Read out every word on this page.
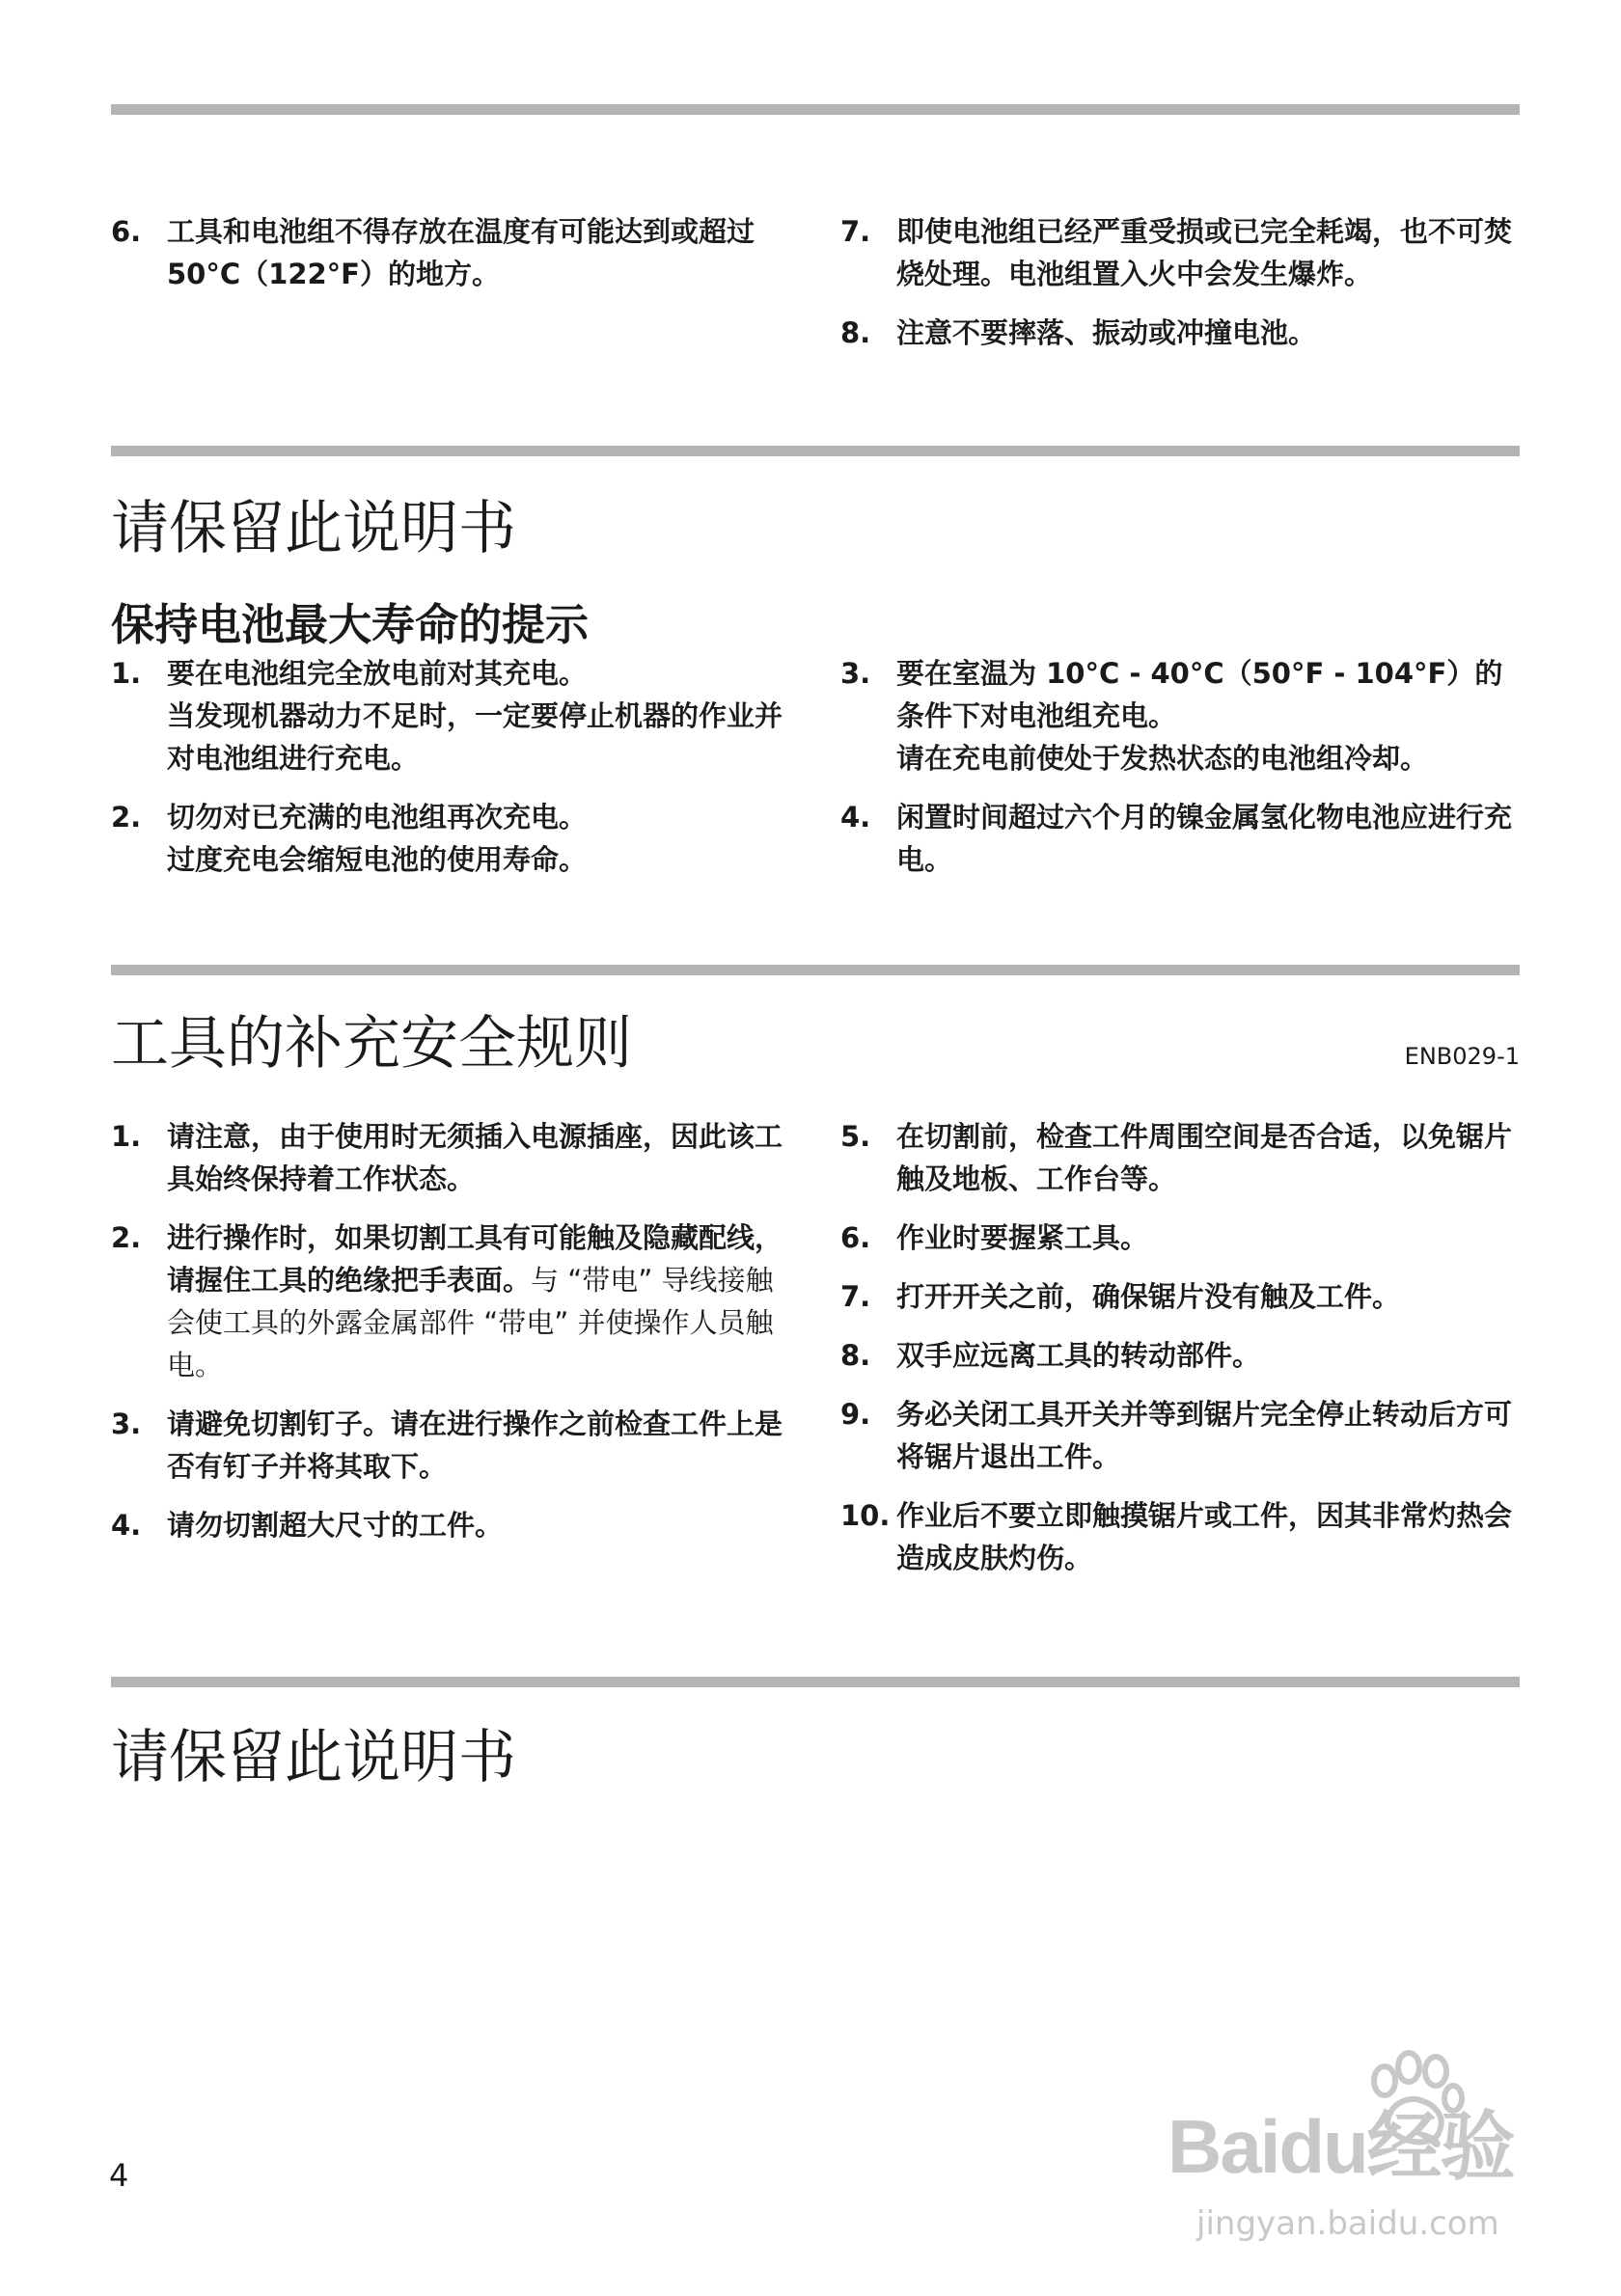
6. 工具和电池组不得存放在温度有可能达到或超过 50°C（122°F）的地方。
7. 即使电池组已经严重受损或已完全耗竭，也不可焚烧处理。电池组置入火中会发生爆炸。
8. 注意不要摔落、振动或冲撞电池。
请保留此说明书
保持电池最大寿命的提示
1. 要在电池组完全放电前对其充电。
当发现机器动力不足时，一定要停止机器的作业并对电池组进行充电。
2. 切勿对已充满的电池组再次充电。
过度充电会缩短电池的使用寿命。
3. 要在室温为 10°C - 40°C（50°F - 104°F）的条件下对电池组充电。
请在充电前使处于发热状态的电池组冷却。
4. 闲置时间超过六个月的镍金属氢化物电池应进行充电。
工具的补充安全规则	ENB029-1
1. 请注意，由于使用时无须插入电源插座，因此该工具始终保持着工作状态。
2. 进行操作时，如果切割工具有可能触及隐藏配线，请握住工具的绝缘把手表面。与 “带电” 导线接触会使工具的外露金属部件 “带电” 并使操作人员触电。
3. 请避免切割钉子。请在进行操作之前检查工件上是否有钉子并将其取下。
4. 请勿切割超大尺寸的工件。
5. 在切割前，检查工件周围空间是否合适，以免锯片触及地板、工作台等。
6. 作业时要握紧工具。
7. 打开开关之前，确保锯片没有触及工件。
8. 双手应远离工具的转动部件。
9. 务必关闭工具开关并等到锯片完全停止转动后方可将锯片退出工件。
10. 作业后不要立即触摸锯片或工件，因其非常灼热会造成皮肤灼伤。
请保留此说明书
4	Baidu经验
jingyan.baidu.com
